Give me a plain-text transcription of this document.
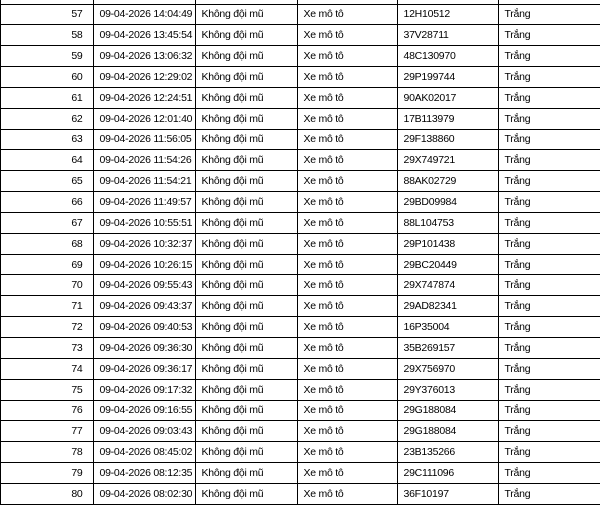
57	09-04-2026 14:04:49 Không đội mũ	Xe mô tô	12H10512	Trắng
58	09-04-2026 13:45:54 Không đội mũ	Xe mô tô	37V28711	Trắng
59	09-04-2026 13:06:32 Không đội mũ	Xe mô tô	48C130970	Trắng
60	09-04-2026 12:29:02 Không đội mũ	Xe mô tô	29P199744	Trắng
61	09-04-2026 12:24:51 Không đội mũ	Xe mô tô	90AK02017	Trắng
62	09-04-2026 12:01:40 Không đội mũ	Xe mô tô	17B113979	Trắng
63	09-04-2026 11:56:05 Không đội mũ	Xe mô tô	29F138860	Trắng
64	09-04-2026 11:54:26 Không đội mũ	Xe mô tô	29X749721	Trắng
65	09-04-2026 11:54:21 Không đội mũ	Xe mô tô	88AK02729	Trắng
66	09-04-2026 11:49:57 Không đội mũ	Xe mô tô	29BD09984	Trắng
67	09-04-2026 10:55:51 Không đội mũ	Xe mô tô	88L104753	Trắng
68	09-04-2026 10:32:37 Không đội mũ	Xe mô tô	29P101438	Trắng
69	09-04-2026 10:26:15 Không đội mũ	Xe mô tô	29BC20449	Trắng
70	09-04-2026 09:55:43 Không đội mũ	Xe mô tô	29X747874	Trắng
71	09-04-2026 09:43:37 Không đội mũ	Xe mô tô	29AD82341	Trắng
72	09-04-2026 09:40:53 Không đội mũ	Xe mô tô	16P35004	Trắng
73	09-04-2026 09:36:30 Không đội mũ	Xe mô tô	35B269157	Trắng
74	09-04-2026 09:36:17 Không đội mũ	Xe mô tô	29X756970	Trắng
75	09-04-2026 09:17:32 Không đội mũ	Xe mô tô	29Y376013	Trắng
76	09-04-2026 09:16:55 Không đội mũ	Xe mô tô	29G188084	Trắng
77	09-04-2026 09:03:43 Không đội mũ	Xe mô tô	29G188084	Trắng
78	09-04-2026 08:45:02 Không đội mũ	Xe mô tô	23B135266	Trắng
79	09-04-2026 08:12:35 Không đội mũ	Xe mô tô	29C111096	Trắng
80	09-04-2026 08:02:30 Không đội mũ	Xe mô tô	36F10197	Trắng
